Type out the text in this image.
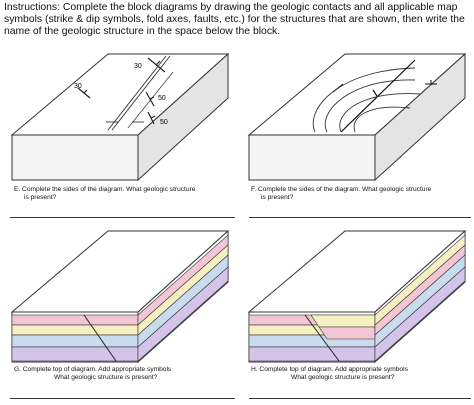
Instructions: Complete the block diagrams by drawing the geologic contacts and all applicable map symbols (strike & dip symbols, fold axes, faults, etc.) for the structures that are shown, then write the name of the geologic structure in the space below the block.
30
30
50
50
E. Complete the sides of the diagram. What geologic structure
is present?
F. Complete the sides of the diagram. What geologic structure
is present?
G. Complete top of diagram. Add appropriate symbols
What geologic structure is present?
H. Complete top of diagram. Add appropriate symbols
What geologic structure is present?
